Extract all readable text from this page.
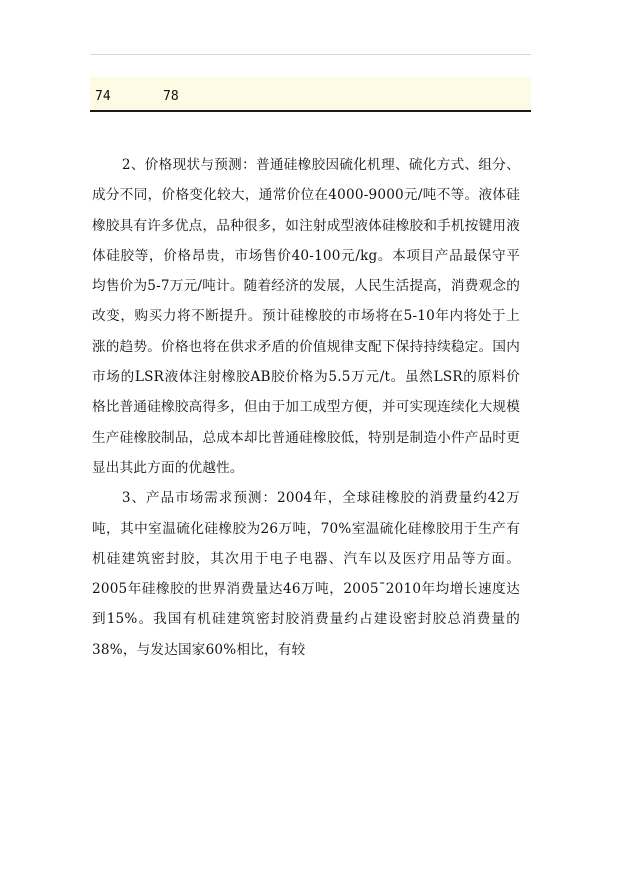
74	78

2、价格现状与预测：普通硅橡胶因硫化机理、硫化方式、组分、成分不同，价格变化较大，通常价位在4000-9000元/吨不等。液体硅橡胶具有许多优点，品种很多，如注射成型液体硅橡胶和手机按键用液体硅胶等，价格昂贵，市场售价40-100元/kg。本项目产品最保守平均售价为5-7万元/吨计。随着经济的发展，人民生活提高，消费观念的改变，购买力将不断提升。预计硅橡胶的市场将在5-10年内将处于上涨的趋势。价格也将在供求矛盾的价值规律支配下保持持续稳定。国内市场的LSR液体注射橡胶AB胶价格为5.5万元/t。虽然LSR的原料价格比普通硅橡胶高得多，但由于加工成型方便，并可实现连续化大规模生产硅橡胶制品，总成本却比普通硅橡胶低，特别是制造小件产品时更显出其此方面的优越性。

3、产品市场需求预测：2004年，全球硅橡胶的消费量约42万吨，其中室温硫化硅橡胶为26万吨，70%室温硫化硅橡胶用于生产有机硅建筑密封胶，其次用于电子电器、汽车以及医疗用品等方面。2005年硅橡胶的世界消费量达46万吨，2005¯2010年均增长速度达到15%。我国有机硅建筑密封胶消费量约占建设密封胶总消费量的38%，与发达国家60%相比，有较
